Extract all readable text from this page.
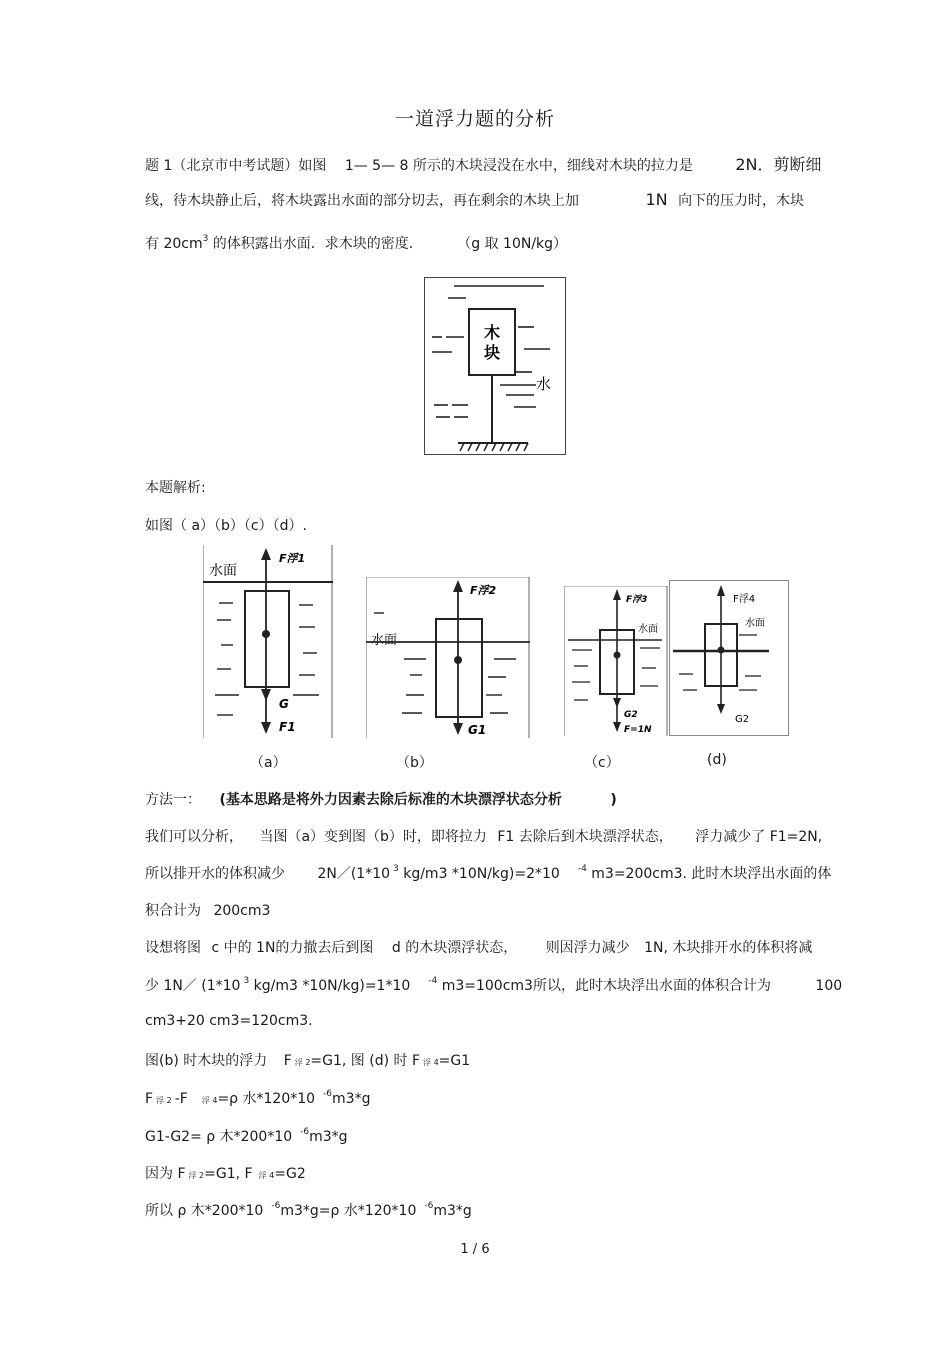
一道浮力题的分析
题 1（北京市中考试题）如图 1— 5— 8 所示的木块浸没在水中，细线对木块的拉力是	2N．剪断细
线，待木块静止后，将木块露出水面的部分切去，再在剩余的木块上加	1N 向下的压力时，木块
有 $20cm^3$ 的体积露出水面．求木块的密度． （g 取 10N/kg）
木
块
水
本题解析:
如图（ a）（b）（c）（d）.
水面
F浮1
G
F1
（a）
水面
F浮2
G1
（b）
水面
F浮3
G2
F=1N
（c）
F浮4
水面
G2
(d)
方法一： (基本思路是将外力因素去除后标准的木块漂浮状态分析	)
我们可以分析， 当图（a）变到图（b）时，即将拉力 F1 去除后到木块漂浮状态， 浮力减少了 F1=2N,
所以排开水的体积减少 2N／(1*10 $^3$ kg/m3 *10N/kg)=2*10 $^{-4}$ m3=200cm3. 此时木块浮出水面的体
积合计为 200cm3
设想将图 c 中的 1N的力撤去后到图 d 的木块漂浮状态， 则因浮力减少 1N, 木块排开水的体积将减
少 1N／ (1*10 $^3$ kg/m3 *10N/kg)=1*10 $^{-4}$ m3=100cm3所以，此时木块浮出水面的体积合计为	100
cm3+20 cm3=120cm3.
图(b) 时木块的浮力 F 浮 2=G1, 图 (d) 时 F 浮 4=G1
F浮 2 -F 浮 4=ρ 水*120*10 $^{-6}$m3*g
G1-G2= ρ 木*200*10 $^{-6}$m3*g
因为 F 浮 2=G1, F 浮 4=G2
所以 ρ 木*200*10 $^{-6}$m3*g=ρ 水*120*10 $^{-6}$m3*g
1 / 6
